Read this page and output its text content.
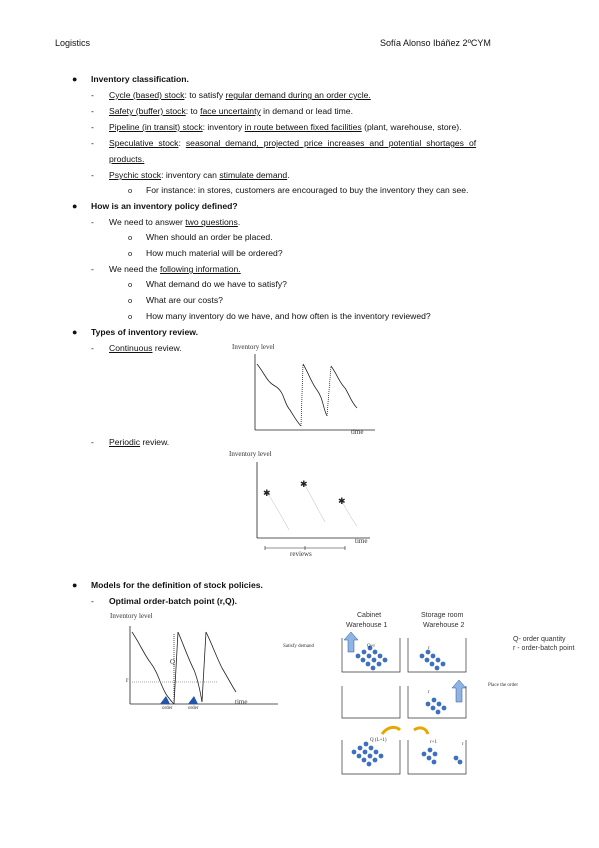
Logistics	Sofía Alonso Ibáñez 2ºCYM
● Inventory classification.
- Cycle (based) stock: to satisfy regular demand during an order cycle.
- Safety (buffer) stock: to face uncertainty in demand or lead time.
- Pipeline (in transit) stock: inventory in route between fixed facilities (plant, warehouse, store).
- Speculative stock: seasonal demand, projected price increases and potential shortages of
products.
- Psychic stock: inventory can stimulate demand.
o For instance: in stores, customers are encouraged to buy the inventory they can see.
● How is an inventory policy defined?
- We need to answer two questions.
o When should an order be placed.
o How much material will be ordered?
- We need the following information.
o What demand do we have to satisfy?
o What are our costs?
o How many inventory do we have, and how often is the inventory reviewed?
● Types of inventory review.
- Continuous review.	Inventory level
time
- Periodic review.
Inventory level
✱
✱
✱
time
reviews
● Models for the definition of stock policies.
- Optimal order-batch point (r,Q).
Inventory level
Q
r
time
order	order
Cabinet
Warehouse 1
Storage room
Warehouse 2
Satisfy demand
Q- order quantity
r - order-batch point
Place the order
Q+r	r
r
Q (L+1)	r+1	r
